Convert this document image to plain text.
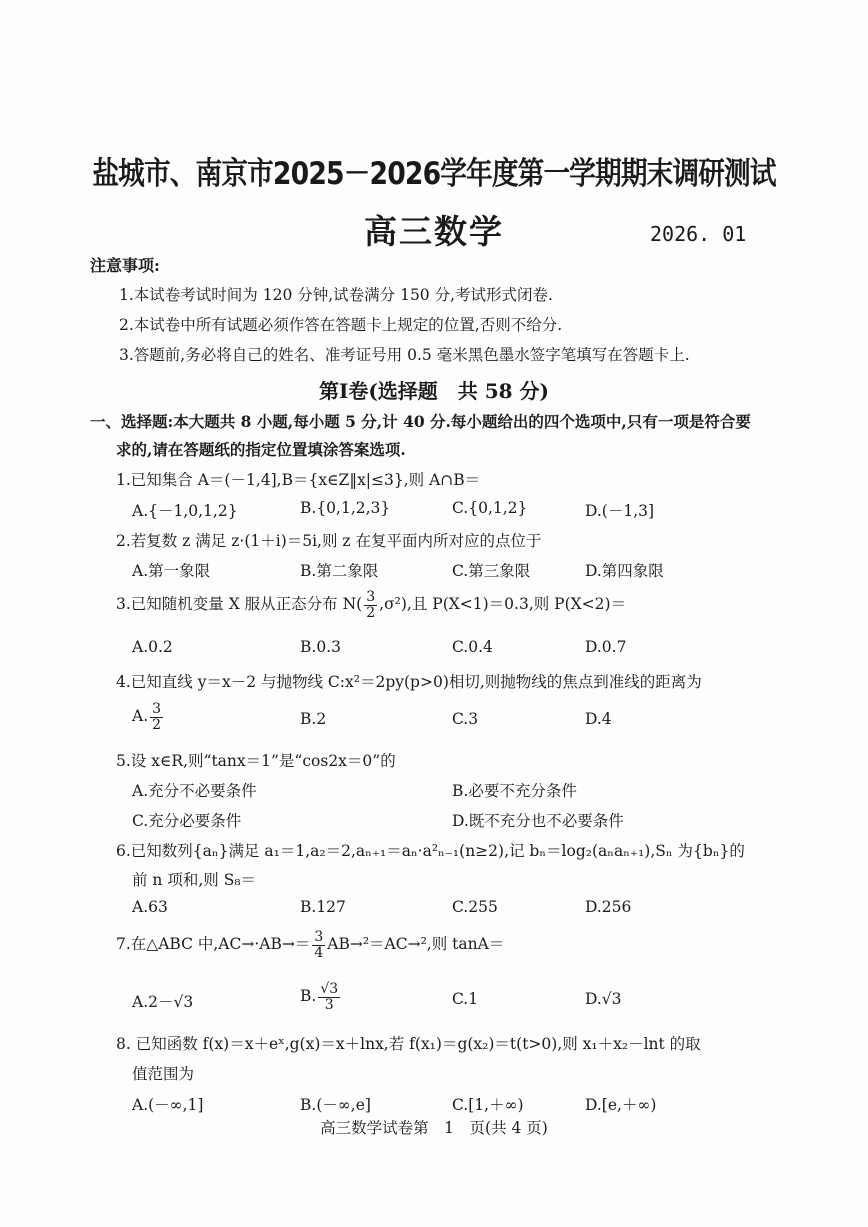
盐城市、南京市2025－2026学年度第一学期期末调研测试
高三数学	2026. 01
注意事项:
1.本试卷考试时间为 120 分钟,试卷满分 150 分,考试形式闭卷.
2.本试卷中所有试题必须作答在答题卡上规定的位置,否则不给分.
3.答题前,务必将自己的姓名、准考证号用 0.5 毫米黑色墨水签字笔填写在答题卡上.
第Ⅰ卷(选择题　共 58 分)
一、选择题:本大题共 8 小题,每小题 5 分,计 40 分.每小题给出的四个选项中,只有一项是符合要
求的,请在答题纸的指定位置填涂答案选项.
1.已知集合 A＝(－1,4],B＝{x∈Z‖x|≤3},则 A∩B＝
A.{－1,0,1,2}	B.{0,1,2,3}	C.{0,1,2}	D.(－1,3]
2.若复数 z 满足 z·(1＋i)＝5i,则 z 在复平面内所对应的点位于
A.第一象限	B.第二象限	C.第三象限	D.第四象限
3.已知随机变量 X 服从正态分布 $N( \frac{3}{2} ,\sigma^2)$,且 P(X<1)＝0.3,则 P(X<2)＝
A.0.2	B.0.3	C.0.4	D.0.7
4.已知直线 y＝x－2 与抛物线 C:x²＝2py(p>0)相切,则抛物线的焦点到准线的距离为
A. $\frac{3}{2}$	B.2	C.3	D.4
5.设 x∈R,则“tanx＝1”是“cos2x＝0”的
A.充分不必要条件	B.必要不充分条件
C.充分必要条件	D.既不充分也不必要条件
6.已知数列{aₙ}满足 a₁＝1,a₂＝2,aₙ₊₁＝aₙ·a²ₙ₋₁(n≥2),记 bₙ＝log₂(aₙaₙ₊₁),Sₙ 为{bₙ}的
前 n 项和,则 S₈＝
A.63	B.127	C.255	D.256
7.在△ABC 中$,AC\to\cdot AB\to= \frac{3}{4} AB\to^2=AC\to^2$,则 tanA＝
A.2－√3	B. $\frac{√3}{3}$	C.1	D.√3
8. 已知函数 f(x)＝x＋eˣ,g(x)＝x＋lnx,若 f(x₁)＝g(x₂)＝t(t>0),则 x₁＋x₂－lnt 的取
值范围为
A.(－∞,1]	B.(－∞,e]	C.[1,＋∞)	D.[e,＋∞)
高三数学试卷第　1　页(共 4 页)
